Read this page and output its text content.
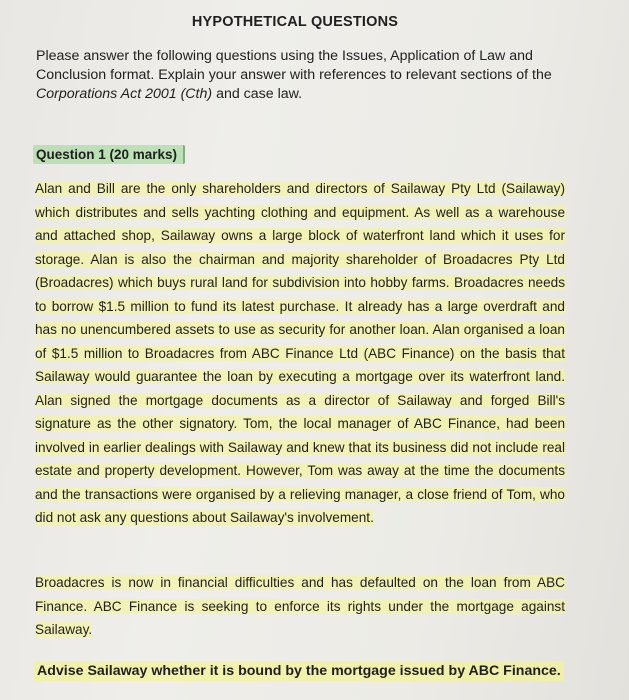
HYPOTHETICAL QUESTIONS
Please answer the following questions using the Issues, Application of Law and Conclusion format. Explain your answer with references to relevant sections of the Corporations Act 2001 (Cth) and case law.
Question 1 (20 marks)
Alan and Bill are the only shareholders and directors of Sailaway Pty Ltd (Sailaway) which distributes and sells yachting clothing and equipment. As well as a warehouse and attached shop, Sailaway owns a large block of waterfront land which it uses for storage. Alan is also the chairman and majority shareholder of Broadacres Pty Ltd (Broadacres) which buys rural land for subdivision into hobby farms. Broadacres needs to borrow $1.5 million to fund its latest purchase. It already has a large overdraft and has no unencumbered assets to use as security for another loan. Alan organised a loan of $1.5 million to Broadacres from ABC Finance Ltd (ABC Finance) on the basis that Sailaway would guarantee the loan by executing a mortgage over its waterfront land. Alan signed the mortgage documents as a director of Sailaway and forged Bill's signature as the other signatory. Tom, the local manager of ABC Finance, had been involved in earlier dealings with Sailaway and knew that its business did not include real estate and property development. However, Tom was away at the time the documents and the transactions were organised by a relieving manager, a close friend of Tom, who did not ask any questions about Sailaway's involvement.
Broadacres is now in financial difficulties and has defaulted on the loan from ABC Finance. ABC Finance is seeking to enforce its rights under the mortgage against Sailaway.
Advise Sailaway whether it is bound by the mortgage issued by ABC Finance.
